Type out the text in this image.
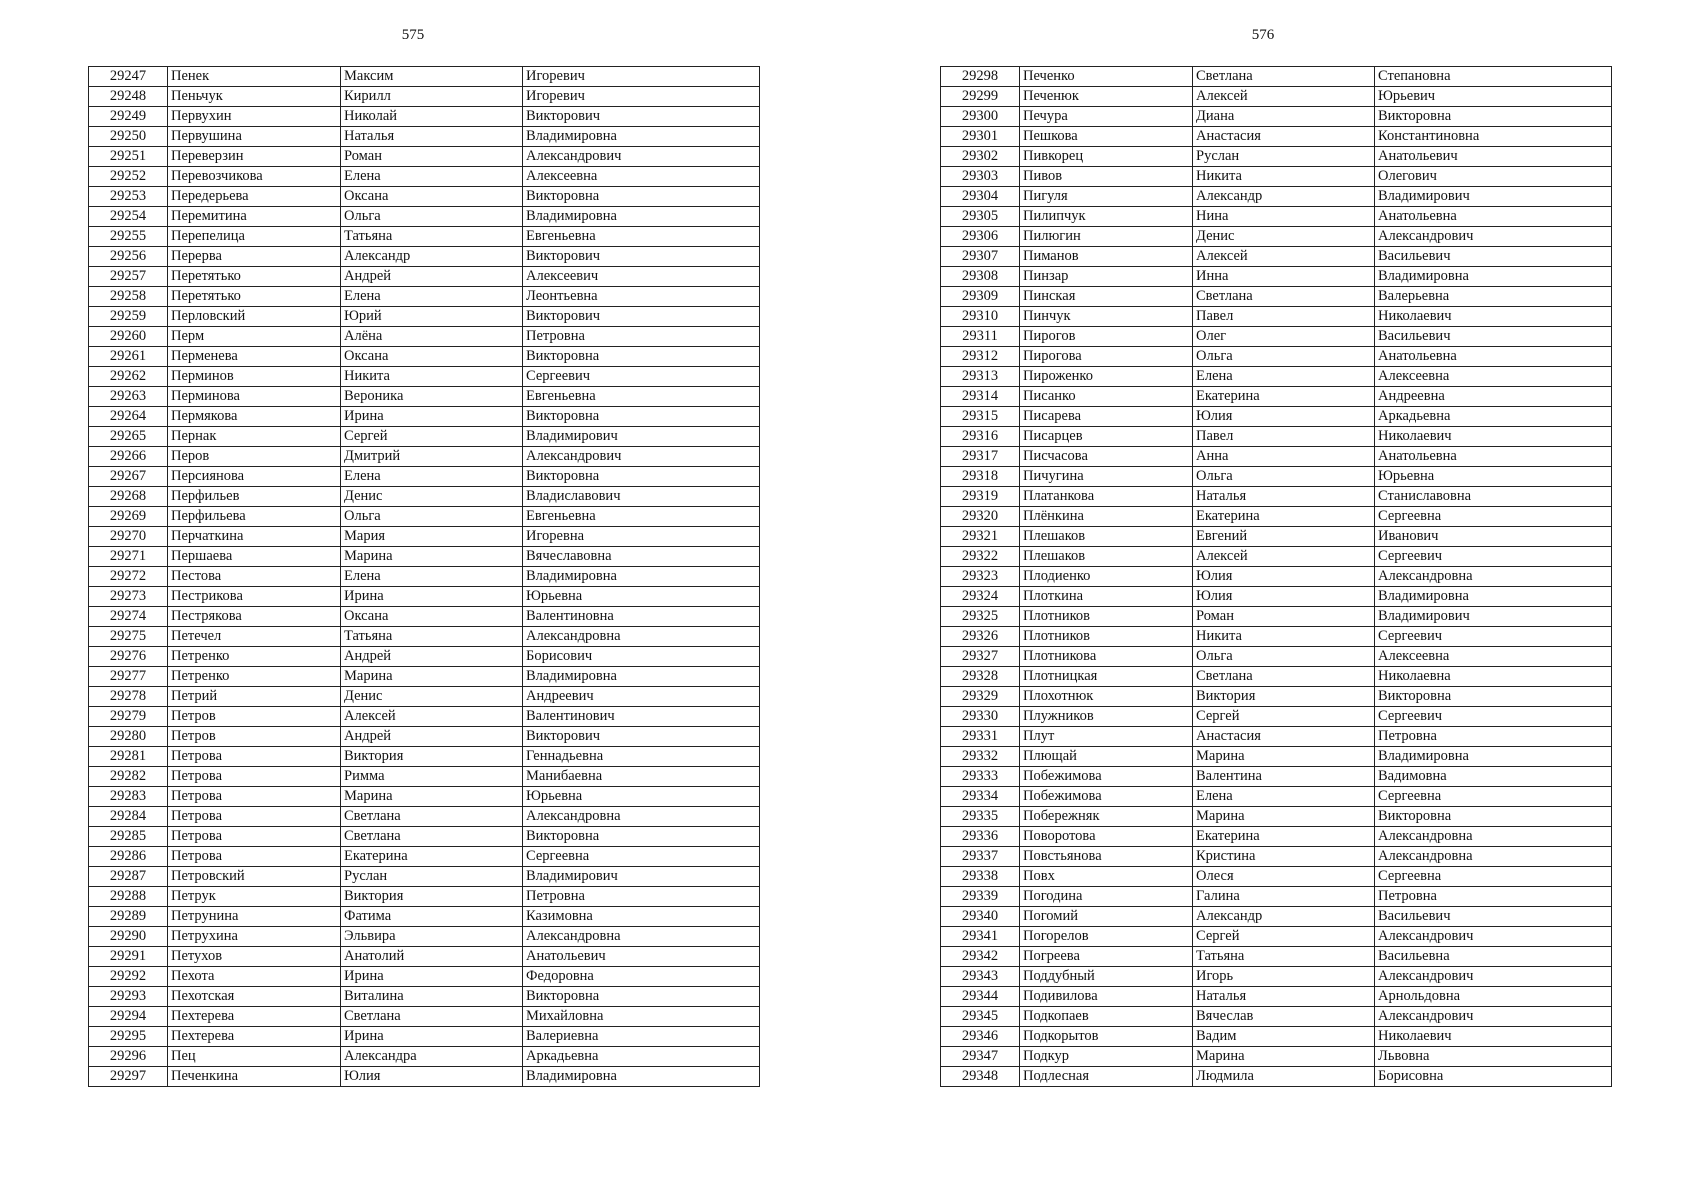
575	576
29247	Пенек	Максим	Игоревич
29248	Пеньчук	Кирилл	Игоревич
29249	Первухин	Николай	Викторович
29250	Первушина	Наталья	Владимировна
29251	Переверзин	Роман	Александрович
29252	Перевозчикова	Елена	Алексеевна
29253	Передерьева	Оксана	Викторовна
29254	Перемитина	Ольга	Владимировна
29255	Перепелица	Татьяна	Евгеньевна
29256	Перерва	Александр	Викторович
29257	Перетятько	Андрей	Алексеевич
29258	Перетятько	Елена	Леонтьевна
29259	Перловский	Юрий	Викторович
29260	Перм	Алёна	Петровна
29261	Перменева	Оксана	Викторовна
29262	Перминов	Никита	Сергеевич
29263	Перминова	Вероника	Евгеньевна
29264	Пермякова	Ирина	Викторовна
29265	Пернак	Сергей	Владимирович
29266	Перов	Дмитрий	Александрович
29267	Персиянова	Елена	Викторовна
29268	Перфильев	Денис	Владиславович
29269	Перфильева	Ольга	Евгеньевна
29270	Перчаткина	Мария	Игоревна
29271	Першаева	Марина	Вячеславовна
29272	Пестова	Елена	Владимировна
29273	Пестрикова	Ирина	Юрьевна
29274	Пестрякова	Оксана	Валентиновна
29275	Петечел	Татьяна	Александровна
29276	Петренко	Андрей	Борисович
29277	Петренко	Марина	Владимировна
29278	Петрий	Денис	Андреевич
29279	Петров	Алексей	Валентинович
29280	Петров	Андрей	Викторович
29281	Петрова	Виктория	Геннадьевна
29282	Петрова	Римма	Манибаевна
29283	Петрова	Марина	Юрьевна
29284	Петрова	Светлана	Александровна
29285	Петрова	Светлана	Викторовна
29286	Петрова	Екатерина	Сергеевна
29287	Петровский	Руслан	Владимирович
29288	Петрук	Виктория	Петровна
29289	Петрунина	Фатима	Казимовна
29290	Петрухина	Эльвира	Александровна
29291	Петухов	Анатолий	Анатольевич
29292	Пехота	Ирина	Федоровна
29293	Пехотская	Виталина	Викторовна
29294	Пехтерева	Светлана	Михайловна
29295	Пехтерева	Ирина	Валериевна
29296	Пец	Александра	Аркадьевна
29297	Печенкина	Юлия	Владимировна
29298	Печенко	Светлана	Степановна
29299	Печенюк	Алексей	Юрьевич
29300	Печура	Диана	Викторовна
29301	Пешкова	Анастасия	Константиновна
29302	Пивкорец	Руслан	Анатольевич
29303	Пивов	Никита	Олегович
29304	Пигуля	Александр	Владимирович
29305	Пилипчук	Нина	Анатольевна
29306	Пилюгин	Денис	Александрович
29307	Пиманов	Алексей	Васильевич
29308	Пинзар	Инна	Владимировна
29309	Пинская	Светлана	Валерьевна
29310	Пинчук	Павел	Николаевич
29311	Пирогов	Олег	Васильевич
29312	Пирогова	Ольга	Анатольевна
29313	Пироженко	Елена	Алексеевна
29314	Писанко	Екатерина	Андреевна
29315	Писарева	Юлия	Аркадьевна
29316	Писарцев	Павел	Николаевич
29317	Писчасова	Анна	Анатольевна
29318	Пичугина	Ольга	Юрьевна
29319	Платанкова	Наталья	Станиславовна
29320	Плёнкина	Екатерина	Сергеевна
29321	Плешаков	Евгений	Иванович
29322	Плешаков	Алексей	Сергеевич
29323	Плодиенко	Юлия	Александровна
29324	Плоткина	Юлия	Владимировна
29325	Плотников	Роман	Владимирович
29326	Плотников	Никита	Сергеевич
29327	Плотникова	Ольга	Алексеевна
29328	Плотницкая	Светлана	Николаевна
29329	Плохотнюк	Виктория	Викторовна
29330	Плужников	Сергей	Сергеевич
29331	Плут	Анастасия	Петровна
29332	Плющай	Марина	Владимировна
29333	Побежимова	Валентина	Вадимовна
29334	Побежимова	Елена	Сергеевна
29335	Побережняк	Марина	Викторовна
29336	Поворотова	Екатерина	Александровна
29337	Повстьянова	Кристина	Александровна
29338	Повх	Олеся	Сергеевна
29339	Погодина	Галина	Петровна
29340	Погомий	Александр	Васильевич
29341	Погорелов	Сергей	Александрович
29342	Погреева	Татьяна	Васильевна
29343	Поддубный	Игорь	Александрович
29344	Подивилова	Наталья	Арнольдовна
29345	Подкопаев	Вячеслав	Александрович
29346	Подкорытов	Вадим	Николаевич
29347	Подкур	Марина	Львовна
29348	Подлесная	Людмила	Борисовна
